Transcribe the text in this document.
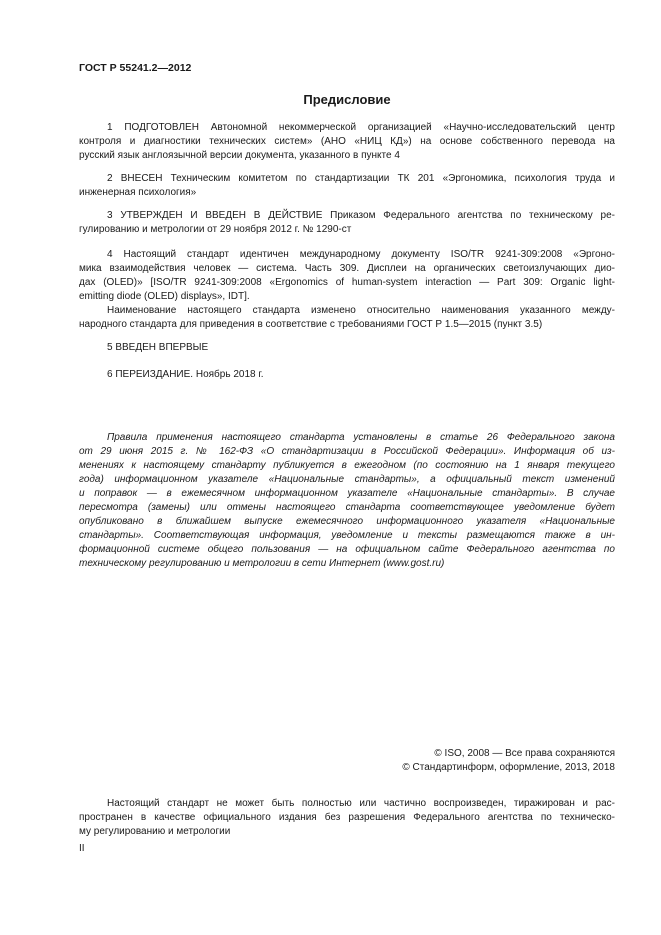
ГОСТ Р 55241.2—2012
Предисловие
1 ПОДГОТОВЛЕН Автономной некоммерческой организацией «Научно-исследовательский центр
контроля и диагностики технических систем» (АНО «НИЦ КД») на основе собственного перевода на
русский язык англоязычной версии документа, указанного в пункте 4
2 ВНЕСЕН Техническим комитетом по стандартизации ТК 201 «Эргономика, психология труда и
инженерная психология»
3 УТВЕРЖДЕН И ВВЕДЕН В ДЕЙСТВИЕ Приказом Федерального агентства по техническому ре-
гулированию и метрологии от 29 ноября 2012 г. № 1290-ст
4 Настоящий стандарт идентичен международному документу ISO/TR 9241-309:2008 «Эргоно-
мика взаимодействия человек — система. Часть 309. Дисплеи на органических светоизлучающих дио-
дах (OLED)» [ISO/TR 9241-309:2008 «Ergonomics of human-system interaction — Part 309: Organic light-
emitting diode (OLED) displays», IDT].
Наименование настоящего стандарта изменено относительно наименования указанного между-
народного стандарта для приведения в соответствие с требованиями ГОСТ Р 1.5—2015 (пункт 3.5)
5 ВВЕДЕН ВПЕРВЫЕ
6 ПЕРЕИЗДАНИЕ. Ноябрь 2018 г.
Правила применения настоящего стандарта установлены в статье 26 Федерального закона
от 29 июня 2015 г. № 162-ФЗ «О стандартизации в Российской Федерации». Информация об из-
менениях к настоящему стандарту публикуется в ежегодном (по состоянию на 1 января текущего
года) информационном указателе «Национальные стандарты», а официальный текст изменений
и поправок — в ежемесячном информационном указателе «Национальные стандарты». В случае
пересмотра (замены) или отмены настоящего стандарта соответствующее уведомление будет
опубликовано в ближайшем выпуске ежемесячного информационного указателя «Национальные
стандарты». Соответствующая информация, уведомление и тексты размещаются также в ин-
формационной системе общего пользования — на официальном сайте Федерального агентства по
техническому регулированию и метрологии в сети Интернет (www.gost.ru)
© ISO, 2008 — Все права сохраняются
© Стандартинформ, оформление, 2013, 2018
Настоящий стандарт не может быть полностью или частично воспроизведен, тиражирован и рас-
пространен в качестве официального издания без разрешения Федерального агентства по техническо-
му регулированию и метрологии
II
